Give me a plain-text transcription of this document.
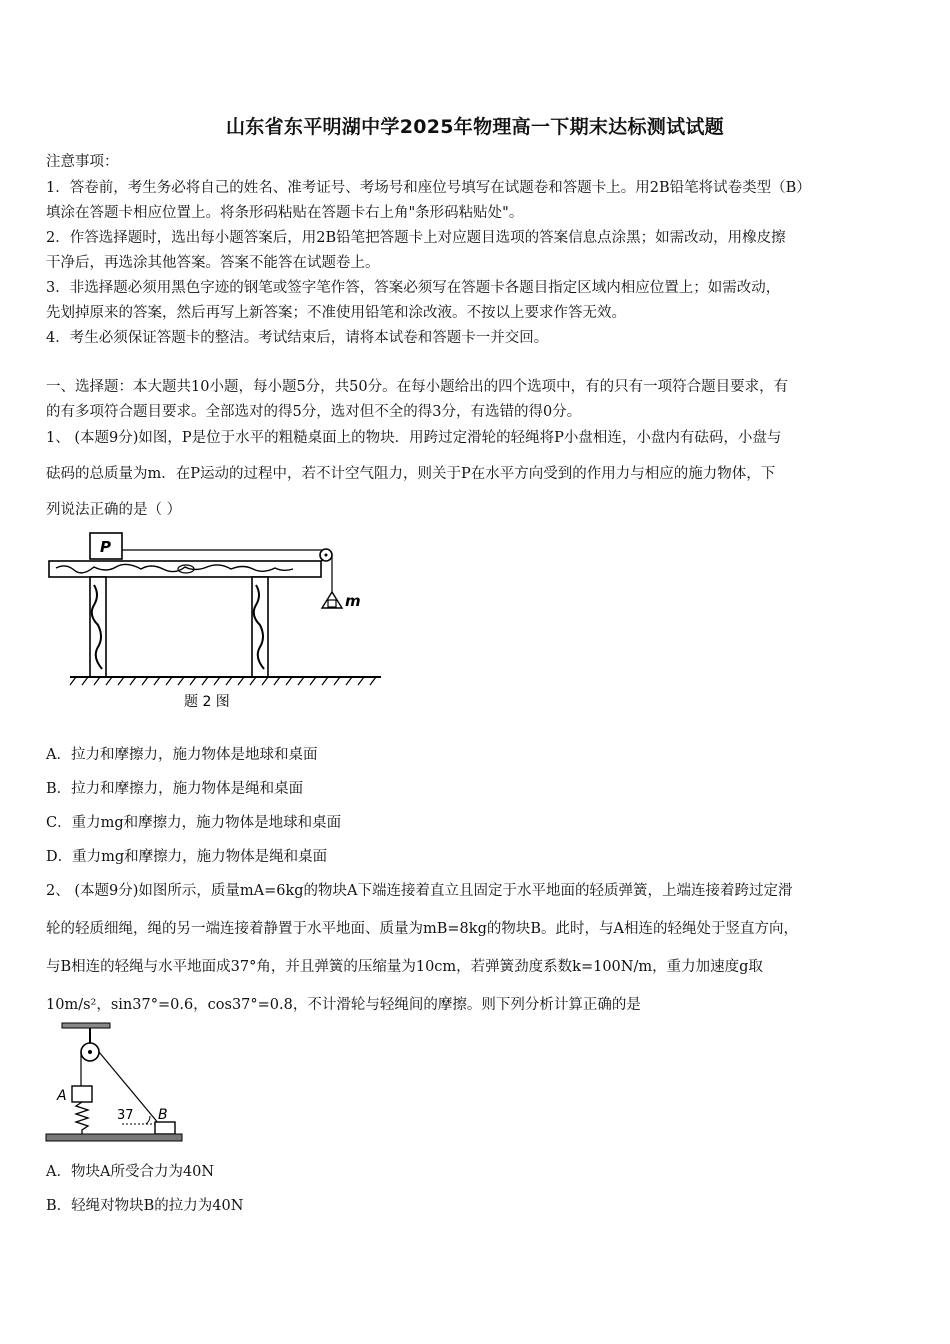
山东省东平明湖中学2025年物理高一下期末达标测试试题
注意事项：
1．答卷前，考生务必将自己的姓名、准考证号、考场号和座位号填写在试题卷和答题卡上。用2B铅笔将试卷类型（B）
填涂在答题卡相应位置上。将条形码粘贴在答题卡右上角"条形码粘贴处"。
2．作答选择题时，选出每小题答案后，用2B铅笔把答题卡上对应题目选项的答案信息点涂黑；如需改动，用橡皮擦
干净后，再选涂其他答案。答案不能答在试题卷上。
3．非选择题必须用黑色字迹的钢笔或签字笔作答，答案必须写在答题卡各题目指定区域内相应位置上；如需改动，
先划掉原来的答案，然后再写上新答案；不准使用铅笔和涂改液。不按以上要求作答无效。
4．考生必须保证答题卡的整洁。考试结束后，请将本试卷和答题卡一并交回。
一、选择题：本大题共10小题，每小题5分，共50分。在每小题给出的四个选项中，有的只有一项符合题目要求，有
的有多项符合题目要求。全部选对的得5分，选对但不全的得3分，有选错的得0分。
1、 (本题9分)如图，P是位于水平的粗糙桌面上的物块．用跨过定滑轮的轻绳将P小盘相连，小盘内有砝码，小盘与
砝码的总质量为m．在P运动的过程中，若不计空气阻力，则关于P在水平方向受到的作用力与相应的施力物体，下
列说法正确的是（ ）
P
m
题 2 图
A．拉力和摩擦力，施力物体是地球和桌面
B．拉力和摩擦力，施力物体是绳和桌面
C．重力mg和摩擦力，施力物体是地球和桌面
D．重力mg和摩擦力，施力物体是绳和桌面
2、 (本题9分)如图所示，质量mA=6kg的物块A下端连接着直立且固定于水平地面的轻质弹簧，上端连接着跨过定滑
轮的轻质细绳，绳的另一端连接着静置于水平地面、质量为mB=8kg的物块B。此时，与A相连的轻绳处于竖直方向，
与B相连的轻绳与水平地面成37°角，并且弹簧的压缩量为10cm，若弹簧劲度系数k=100N/m，重力加速度g取
10m/s²，sin37°=0.6，cos37°=0.8，不计滑轮与轻绳间的摩擦。则下列分析计算正确的是
A
B
37
A．物块A所受合力为40N
B．轻绳对物块B的拉力为40N
